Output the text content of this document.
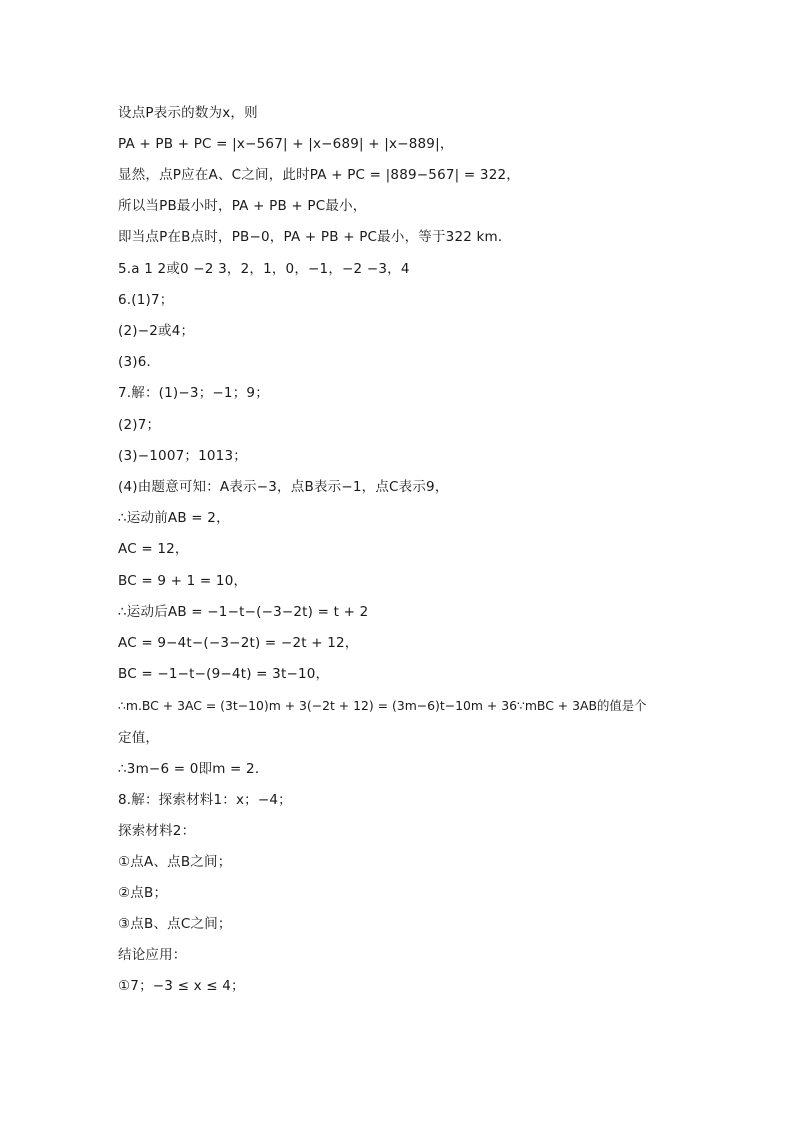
设点P表示的数为x，则
PA + PB + PC = |x−567| + |x−689| + |x−889|，
显然，点P应在A、C之间，此时PA + PC = |889−567| = 322，
所以当PB最小时，PA + PB + PC最小，
即当点P在B点时，PB−0，PA + PB + PC最小，等于322 km．
5.a 1 2或0 −2 3，2，1，0，−1，−2 −3，4
6.(1)7；
(2)−2或4；
(3)6．
7.解：(1)−3；−1；9；
(2)7；
(3)−1007；1013；
(4)由题意可知：A表示−3，点B表示−1，点C表示9，
∴运动前AB = 2，
AC = 12，
BC = 9 + 1 = 10，
∴运动后AB = −1−t−(−3−2t) = t + 2
AC = 9−4t−(−3−2t) = −2t + 12，
BC = −1−t−(9−4t) = 3t−10，
∴m.BC + 3AC = (3t−10)m + 3(−2t + 12) = (3m−6)t−10m + 36∵mBC + 3AB的值是个
定值，
∴3m−6 = 0即m = 2．
8.解：探索材料1：x；−4；
探索材料2：
①点A、点B之间；
②点B；
③点B、点C之间；
结论应用：
①7；−3 ≤ x ≤ 4；
